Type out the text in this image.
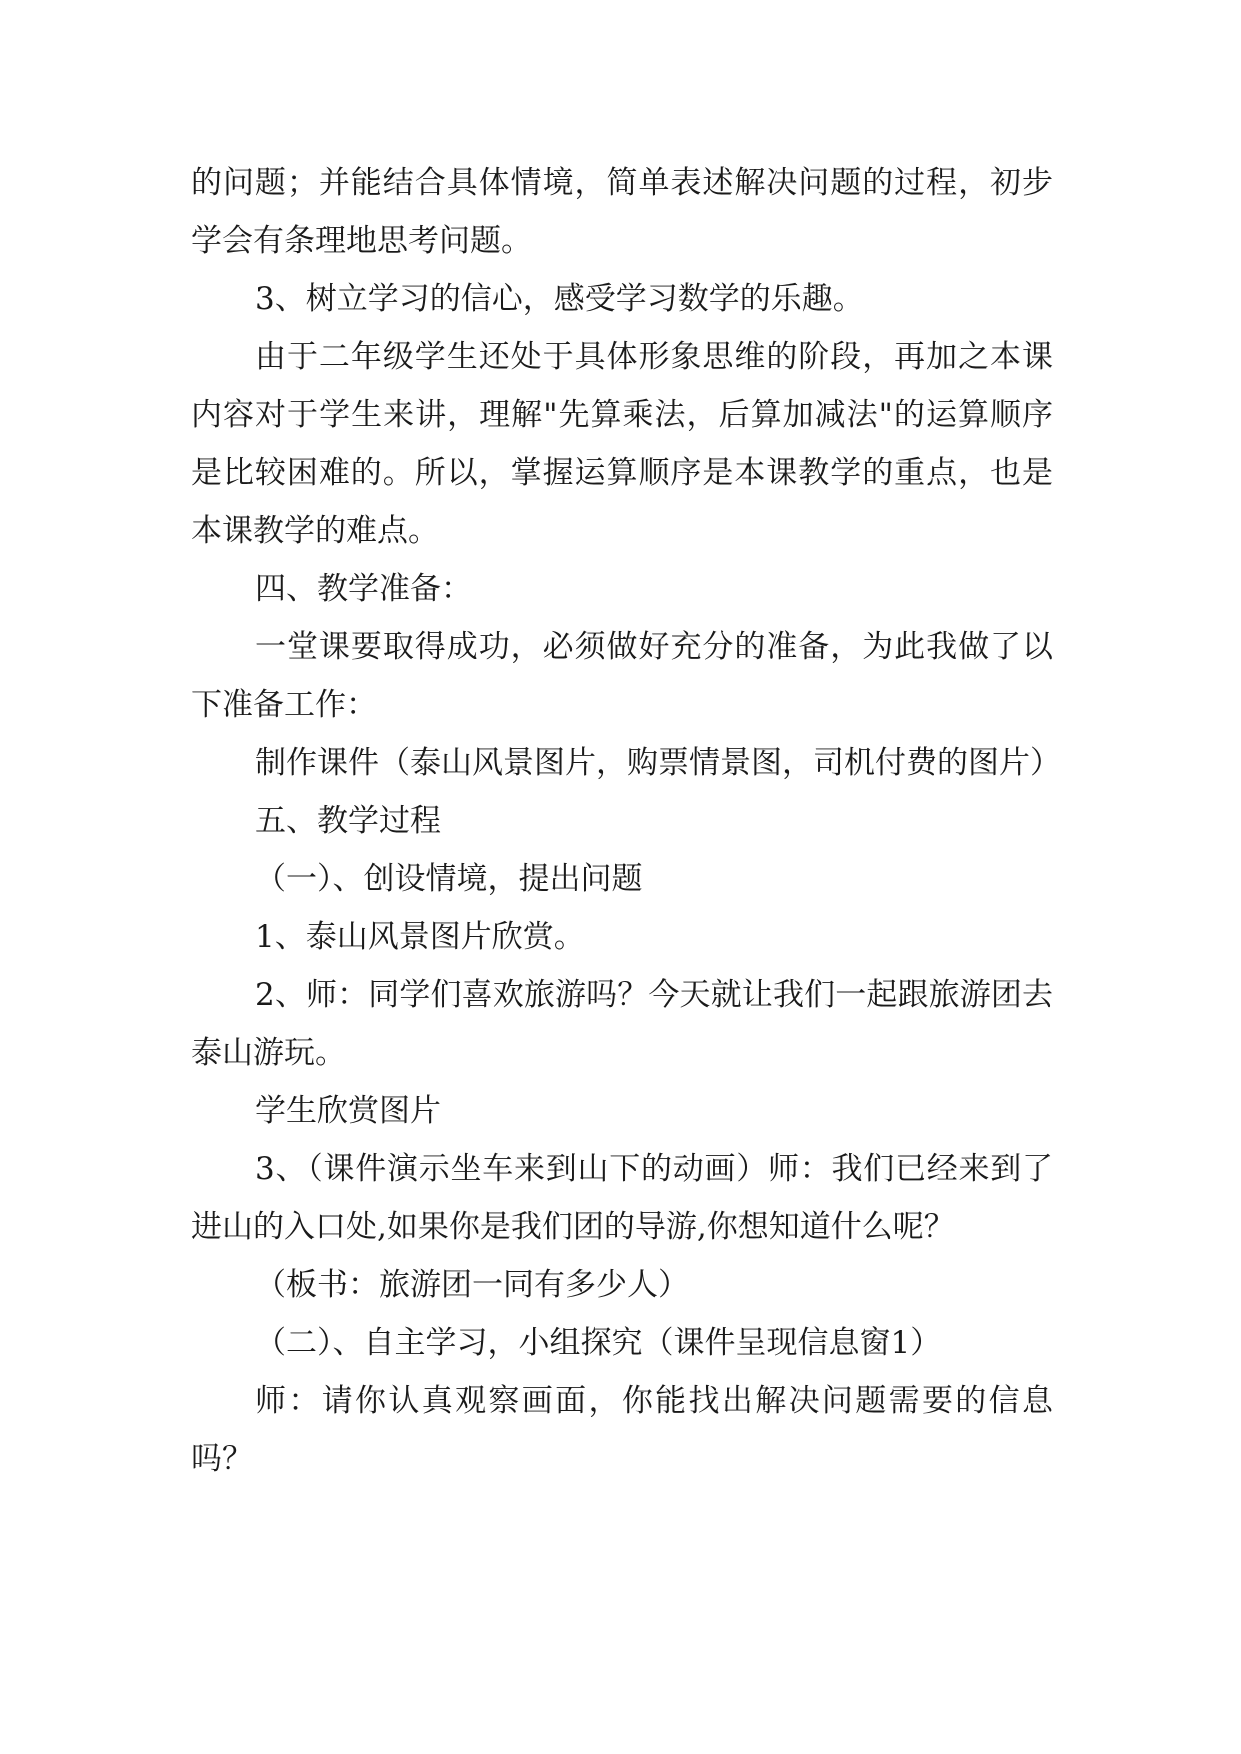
的问题；并能结合具体情境，简单表述解决问题的过程，初步学会有条理地思考问题。

3、树立学习的信心，感受学习数学的乐趣。

由于二年级学生还处于具体形象思维的阶段，再加之本课内容对于学生来讲，理解"先算乘法，后算加减法"的运算顺序是比较困难的。所以，掌握运算顺序是本课教学的重点，也是本课教学的难点。

四、教学准备：

一堂课要取得成功，必须做好充分的准备，为此我做了以下准备工作：

制作课件（泰山风景图片，购票情景图，司机付费的图片）

五、教学过程

（一）、创设情境，提出问题

1、泰山风景图片欣赏。

2、师：同学们喜欢旅游吗？今天就让我们一起跟旅游团去泰山游玩。

学生欣赏图片

3、（课件演示坐车来到山下的动画）师：我们已经来到了进山的入口处,如果你是我们团的导游,你想知道什么呢？

（板书：旅游团一同有多少人）

（二）、自主学习，小组探究（课件呈现信息窗1）

师：请你认真观察画面，你能找出解决问题需要的信息吗？
